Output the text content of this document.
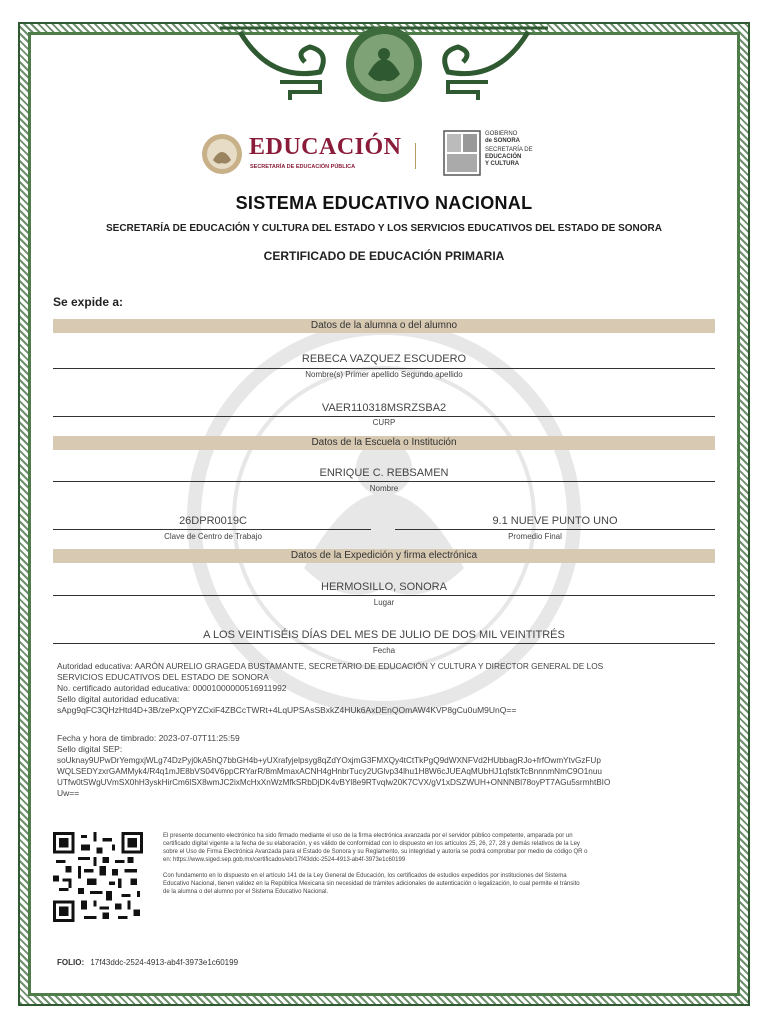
EDUCACIÓN
SECRETARÍA DE EDUCACIÓN PÚBLICA
GOBIERNO
de SONORA
SECRETARÍA DE
EDUCACIÓN
Y CULTURA
SISTEMA EDUCATIVO NACIONAL
SECRETARÍA DE EDUCACIÓN Y CULTURA DEL ESTADO Y LOS SERVICIOS EDUCATIVOS DEL ESTADO DE SONORA
CERTIFICADO DE EDUCACIÓN PRIMARIA
Se expide a:
Datos de la alumna o del alumno
REBECA VAZQUEZ ESCUDERO
Nombre(s) Primer apellido Segundo apellido
VAER110318MSRZSBA2
CURP
Datos de la Escuela o Institución
ENRIQUE C. REBSAMEN
Nombre
26DPR0019C
Clave de Centro de Trabajo
9.1 NUEVE PUNTO UNO
Promedio Final
Datos de la Expedición y firma electrónica
HERMOSILLO, SONORA
Lugar
A LOS VEINTISÉIS DÍAS DEL MES DE JULIO DE DOS MIL VEINTITRÉS
Fecha
Autoridad educativa: AARÓN AURELIO GRAGEDA BUSTAMANTE, SECRETARIO DE EDUCACIÓN Y CULTURA Y DIRECTOR GENERAL DE LOS
SERVICIOS EDUCATIVOS DEL ESTADO DE SONORA
No. certificado autoridad educativa: 00001000000516911992
Sello digital autoridad educativa:
sApg9qFC3QHzHtd4D+3B/zePxQPYZCxiF4ZBCcTWRt+4LqUPSAsSBxkZ4HUk6AxDEnQOmAW4KVP8gCu0uM9UnQ==
Fecha y hora de timbrado: 2023-07-07T11:25:59
Sello digital SEP:
soUknay9UPwDrYemgxjWLg74DzPyj0kA5hQ7bbGH4b+yUXrafyjelpsyg8qZdYOxjmG3FMXQy4tCtTkPgQ9dWXNFVd2HUbbagRJo+frfOwmYtvGzFUp
WQLSEDYzxrGAMMyk4/R4q1mJE8bVS04V6ppCRYarR/8mMmaxACNH4gHnbrTucy2UGlvp34lhu1H8W6cJUEAqMUbHJ1qfstkTcBnnnmNmC9O1nuu
UTfw0tSWgUVmSX0hH3yskHirCm6lSX8wmJC2ixMcHxXnWzMfkSRbDjDK4vBYl8e9RTvqlw20K7CVX/gV1xDSZWUH+ONNNBl78oyPT7AGu5srmhtBIO
Uw==
El presente documento electrónico ha sido firmado mediante el uso de la firma electrónica avanzada por el servidor público competente, amparada por un
certificado digital vigente a la fecha de su elaboración, y es válido de conformidad con lo dispuesto en los artículos 25, 26, 27, 28 y demás relativos de la Ley
sobre el Uso de Firma Electrónica Avanzada para el Estado de Sonora y su Reglamento, su integridad y autoría se podrá comprobar por medio de código QR o
en: https://www.siged.sep.gob.mx/certificados/eb/17f43ddc-2524-4913-ab4f-3973e1c60199
Con fundamento en lo dispuesto en el artículo 141 de la Ley General de Educación, los certificados de estudios expedidos por instituciones del Sistema
Educativo Nacional, tienen validez en la República Mexicana sin necesidad de trámites adicionales de autenticación o legalización, lo cual permite el tránsito
de la alumna o del alumno por el Sistema Educativo Nacional.
FOLIO: 17f43ddc-2524-4913-ab4f-3973e1c60199
